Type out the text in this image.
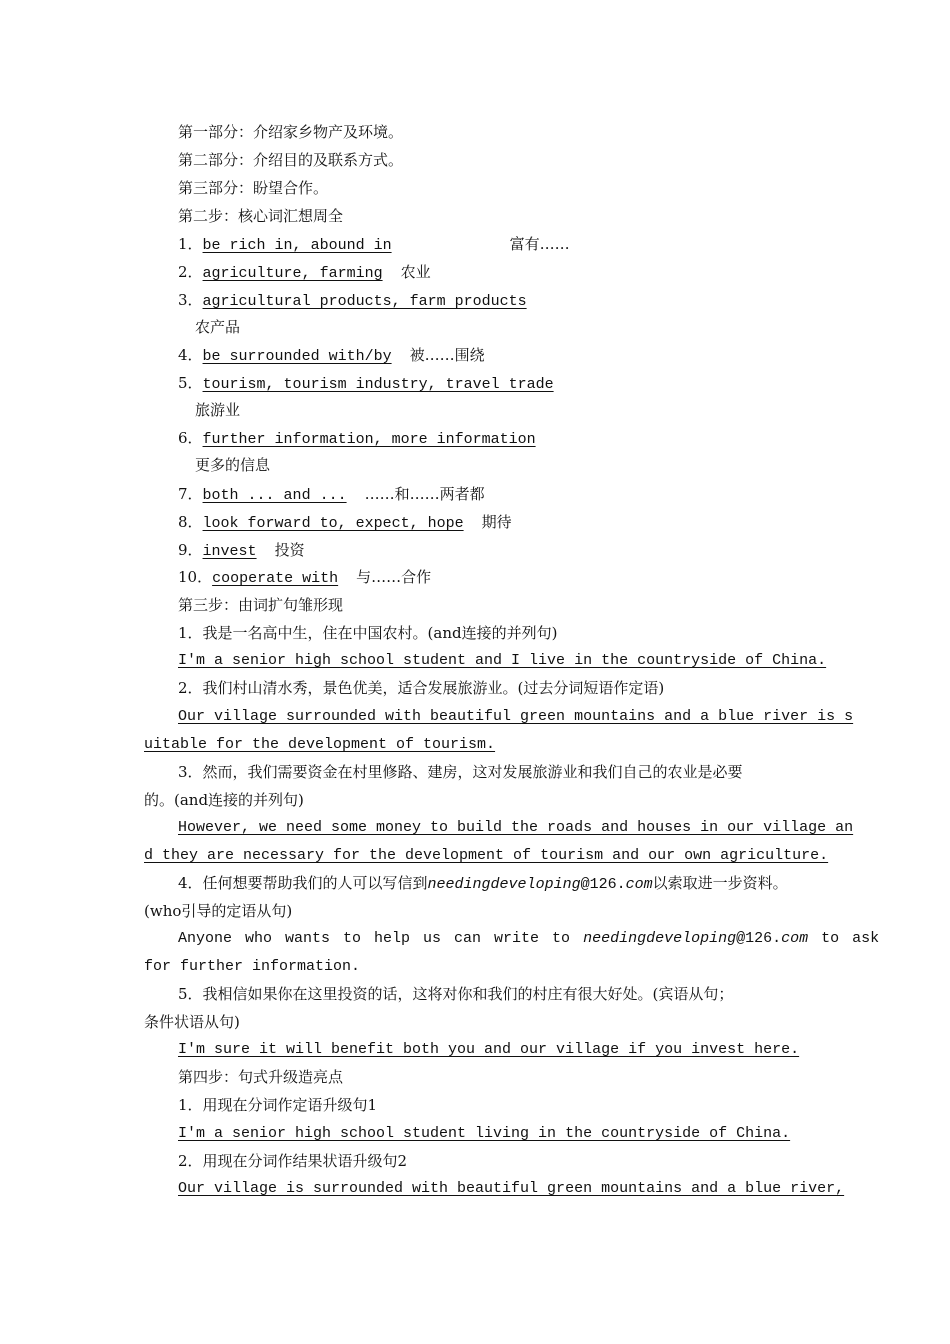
第一部分：介绍家乡物产及环境。
第二部分：介绍目的及联系方式。
第三部分：盼望合作。
第二步：核心词汇想周全
1．be rich in, abound in	富有……
2．agriculture, farming 农业
3．agricultural products, farm products
农产品
4．be surrounded with/by 被……围绕
5．tourism, tourism industry, travel trade
旅游业
6．further information, more information
更多的信息
7．both ... and ... ……和……两者都
8．look forward to, expect, hope 期待
9．invest 投资
10．cooperate with 与……合作
第三步：由词扩句雏形现
1．我是一名高中生，住在中国农村。(and连接的并列句)
I'm a senior high school student and I live in the countryside of China.
2．我们村山清水秀，景色优美，适合发展旅游业。(过去分词短语作定语)
Our village surrounded with beautiful green mountains and a blue river is s
uitable for the development of tourism.
3．然而，我们需要资金在村里修路、建房，这对发展旅游业和我们自己的农业是必要
的。(and连接的并列句)
However, we need some money to build the roads and houses in our village an
d they are necessary for the development of tourism and our own agriculture.
4．任何想要帮助我们的人可以写信到needingdeveloping@126.com以索取进一步资料。
(who引导的定语从句)
Anyone who wants to help us can write to needingdeveloping@126.com to ask
for further information.
5．我相信如果你在这里投资的话，这将对你和我们的村庄有很大好处。(宾语从句；
条件状语从句)
I'm sure it will benefit both you and our village if you invest here.
第四步：句式升级造亮点
1．用现在分词作定语升级句1
I'm a senior high school student living in the countryside of China.
2．用现在分词作结果状语升级句2
Our village is surrounded with beautiful green mountains and a blue river,
